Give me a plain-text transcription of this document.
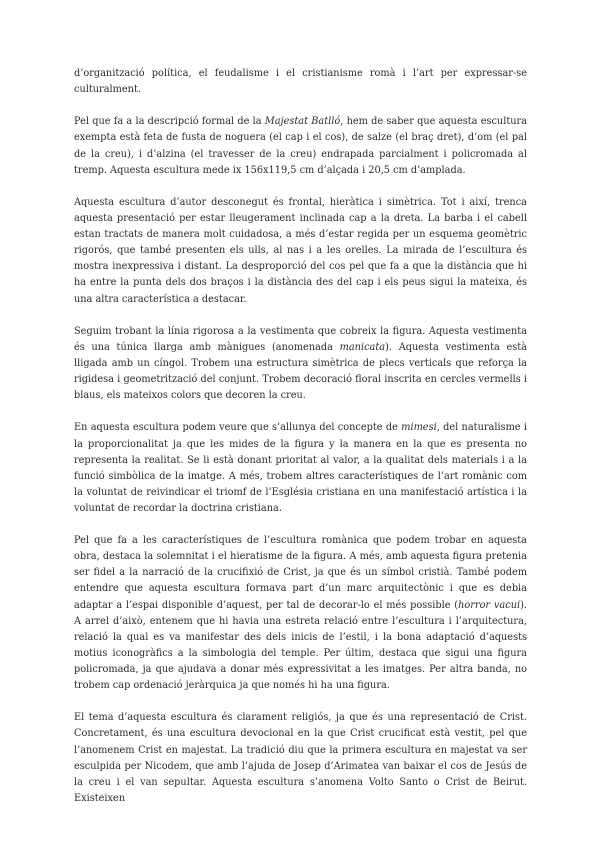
d’organització política, el feudalisme i el cristianisme romà i l’art per expressar-se culturalment.

Pel que fa a la descripció formal de la Majestat Batlló, hem de saber que aquesta escultura exempta està feta de fusta de noguera (el cap i el cos), de salze (el braç dret), d’om (el pal de la creu), i d’alzina (el travesser de la creu) endrapada parcialment i policromada al tremp. Aquesta escultura mede ix 156x119,5 cm d’alçada i 20,5 cm d’amplada.

Aquesta escultura d’autor desconegut és frontal, hieràtica i simètrica. Tot i així, trenca aquesta presentació per estar lleugerament inclinada cap a la dreta. La barba i el cabell estan tractats de manera molt cuidadosa, a més d’estar regida per un esquema geomètric rigorós, que també presenten els ulls, al nas i a les orelles. La mirada de l’escultura és mostra inexpressiva i distant. La desproporció del cos pel que fa a que la distància que hi ha entre la punta dels dos braços i la distància des del cap i els peus sigui la mateixa, és una altra característica a destacar.

Seguim trobant la línia rigorosa a la vestimenta que cobreix la figura. Aquesta vestimenta és una túnica llarga amb mànigues (anomenada manicata). Aquesta vestimenta està lligada amb un cíngol. Trobem una estructura simètrica de plecs verticals que reforça la rigidesa i geometrització del conjunt. Trobem decoració floral inscrita en cercles vermells i blaus, els mateixos colors que decoren la creu.

En aquesta escultura podem veure que s’allunya del concepte de mimesi, del naturalisme i la proporcionalitat ja que les mides de la figura y la manera en la que es presenta no representa la realitat. Se li està donant prioritat al valor, a la qualitat dels materials i a la funció simbòlica de la imatge. A més, trobem altres característiques de l’art romànic com la voluntat de reivindicar el triomf de l’Església cristiana en una manifestació artística i la voluntat de recordar la doctrina cristiana.

Pel que fa a les característiques de l’escultura romànica que podem trobar en aquesta obra, destaca la solemnitat i el hieratisme de la figura. A més, amb aquesta figura pretenia ser fidel a la narració de la crucifixió de Crist, ja que és un símbol cristià. També podem entendre que aquesta escultura formava part d’un marc arquitectònic i que es debia adaptar a l’espai disponible d’aquest, per tal de decorar-lo el més possible (horror vacui). A arrel d’això, entenem que hi havia una estreta relació entre l’escultura i l’arquitectura, relació la qual es va manifestar des dels inicis de l’estil, i la bona adaptació d’aquests motius iconogràfics a la simbologia del temple. Per últim, destaca que sigui una figura policromada, ja que ajudava a donar més expressivitat a les imatges. Per altra banda, no trobem cap ordenació jeràrquica ja que només hi ha una figura.

El tema d’aquesta escultura és clarament religiós, ja que és una representació de Crist. Concretament, és una escultura devocional en la que Crist crucificat està vestit, pel que l’anomenem Crist en majestat. La tradició diu que la primera escultura en majestat va ser esculpida per Nicodem, que amb l’ajuda de Josep d’Arimatea van baixar el cos de Jesús de la creu i el van sepultar. Aquesta escultura s’anomena Volto Santo o Crist de Beirut. Existeixen
